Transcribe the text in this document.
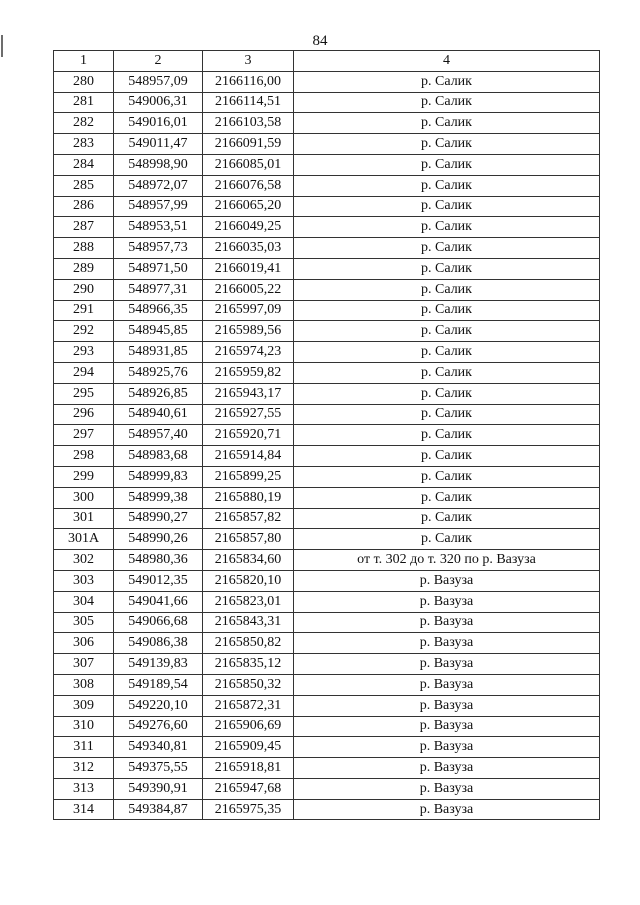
84
1	2	3	4
280	548957,09	2166116,00	р. Салик
281	549006,31	2166114,51	р. Салик
282	549016,01	2166103,58	р. Салик
283	549011,47	2166091,59	р. Салик
284	548998,90	2166085,01	р. Салик
285	548972,07	2166076,58	р. Салик
286	548957,99	2166065,20	р. Салик
287	548953,51	2166049,25	р. Салик
288	548957,73	2166035,03	р. Салик
289	548971,50	2166019,41	р. Салик
290	548977,31	2166005,22	р. Салик
291	548966,35	2165997,09	р. Салик
292	548945,85	2165989,56	р. Салик
293	548931,85	2165974,23	р. Салик
294	548925,76	2165959,82	р. Салик
295	548926,85	2165943,17	р. Салик
296	548940,61	2165927,55	р. Салик
297	548957,40	2165920,71	р. Салик
298	548983,68	2165914,84	р. Салик
299	548999,83	2165899,25	р. Салик
300	548999,38	2165880,19	р. Салик
301	548990,27	2165857,82	р. Салик
301А	548990,26	2165857,80	р. Салик
302	548980,36	2165834,60	от т. 302 до т. 320 по р. Вазуза
303	549012,35	2165820,10	р. Вазуза
304	549041,66	2165823,01	р. Вазуза
305	549066,68	2165843,31	р. Вазуза
306	549086,38	2165850,82	р. Вазуза
307	549139,83	2165835,12	р. Вазуза
308	549189,54	2165850,32	р. Вазуза
309	549220,10	2165872,31	р. Вазуза
310	549276,60	2165906,69	р. Вазуза
311	549340,81	2165909,45	р. Вазуза
312	549375,55	2165918,81	р. Вазуза
313	549390,91	2165947,68	р. Вазуза
314	549384,87	2165975,35	р. Вазуза
